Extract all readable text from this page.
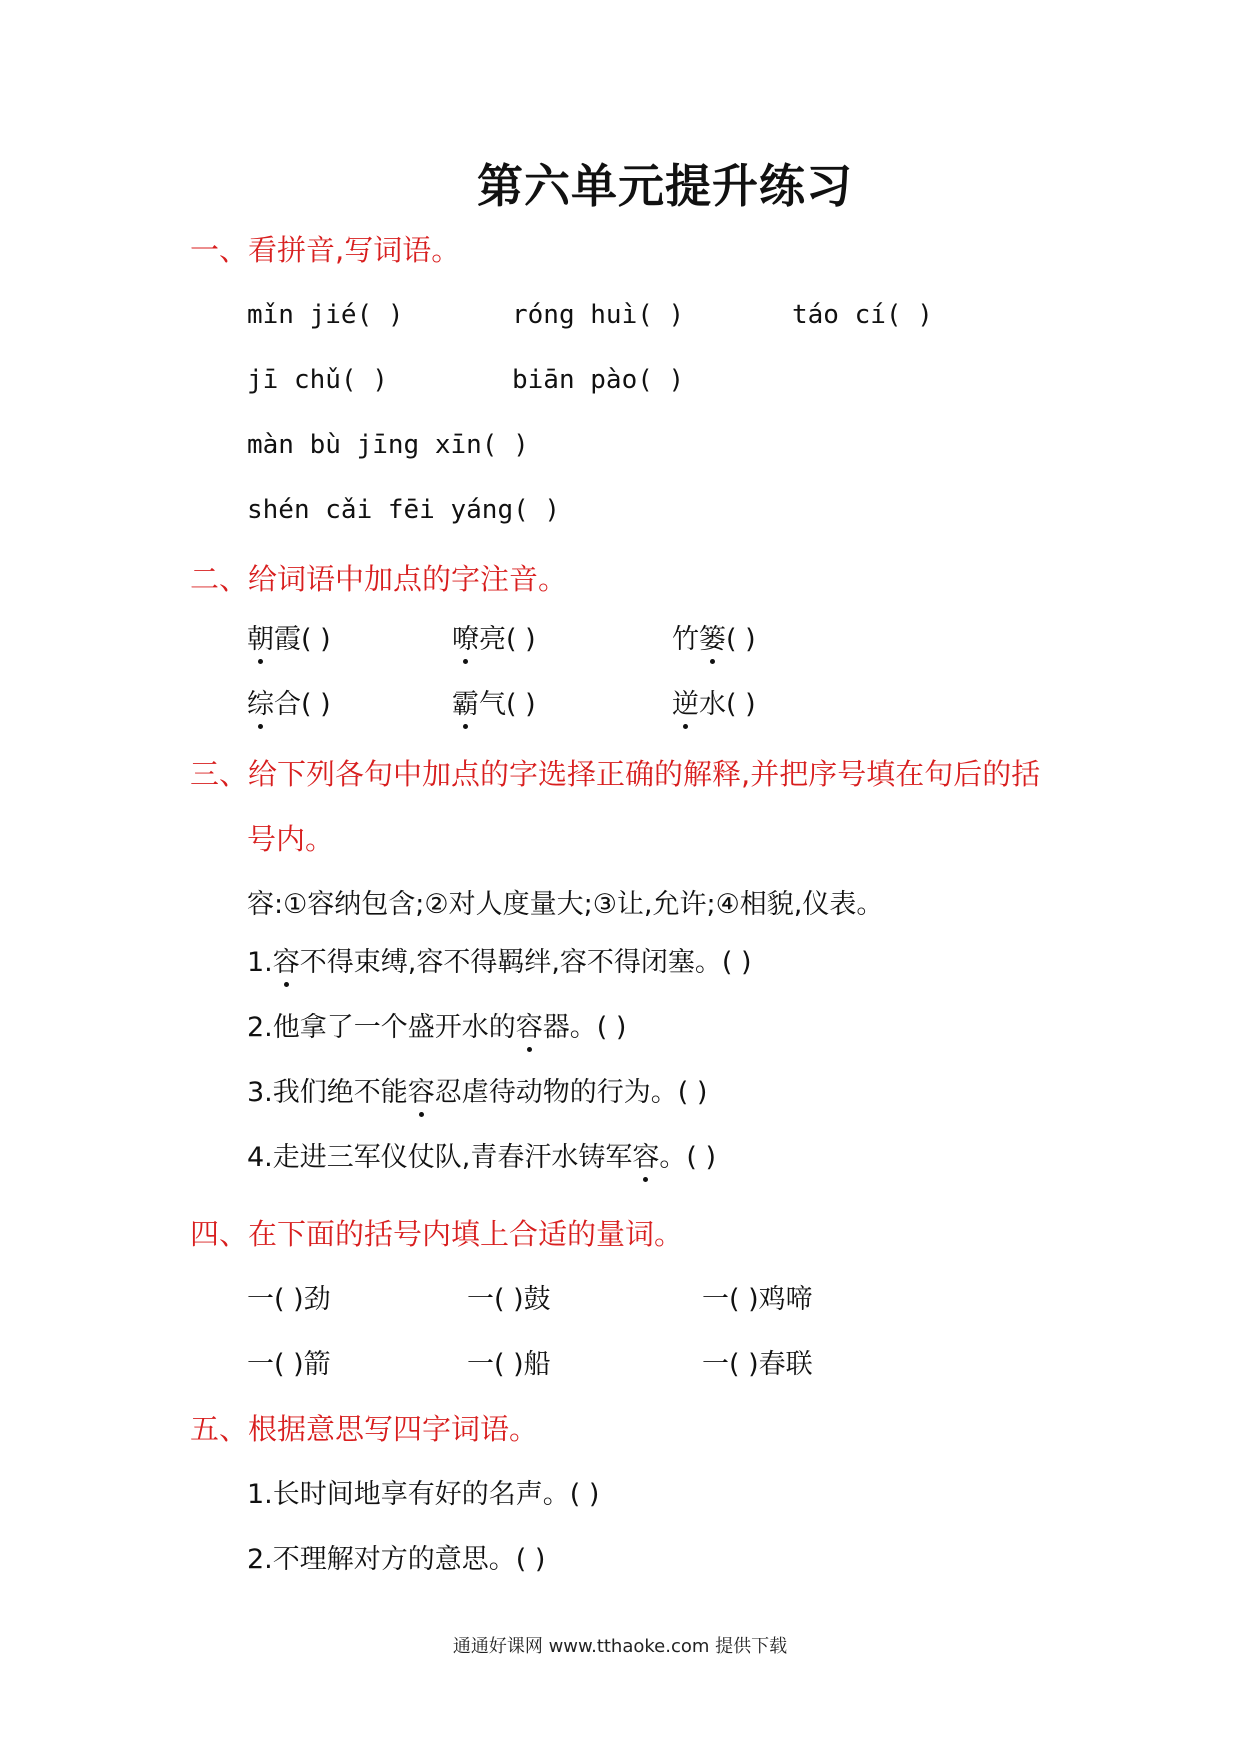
第六单元提升练习
一、看拼音,写词语。
mǐn jié( )	róng huì( )	táo cí( )
jī chǔ( )	biān pào( )
màn bù jīng xīn( )
shén cǎi fēi yáng( )
二、给词语中加点的字注音。
朝霞( )	嘹亮( )	竹篓( )
综合( )	霸气( )	逆水( )
三、给下列各句中加点的字选择正确的解释,并把序号填在句后的括
号内。
容:①容纳包含;②对人度量大;③让,允许;④相貌,仪表。
1.容不得束缚,容不得羁绊,容不得闭塞。( )
2.他拿了一个盛开水的容器。( )
3.我们绝不能容忍虐待动物的行为。( )
4.走进三军仪仗队,青春汗水铸军容。( )
四、在下面的括号内填上合适的量词。
一( )劲	一( )鼓	一( )鸡啼
一( )箭	一( )船	一( )春联
五、根据意思写四字词语。
1.长时间地享有好的名声。( )
2.不理解对方的意思。( )
通通好课网 www.tthaoke.com 提供下载
